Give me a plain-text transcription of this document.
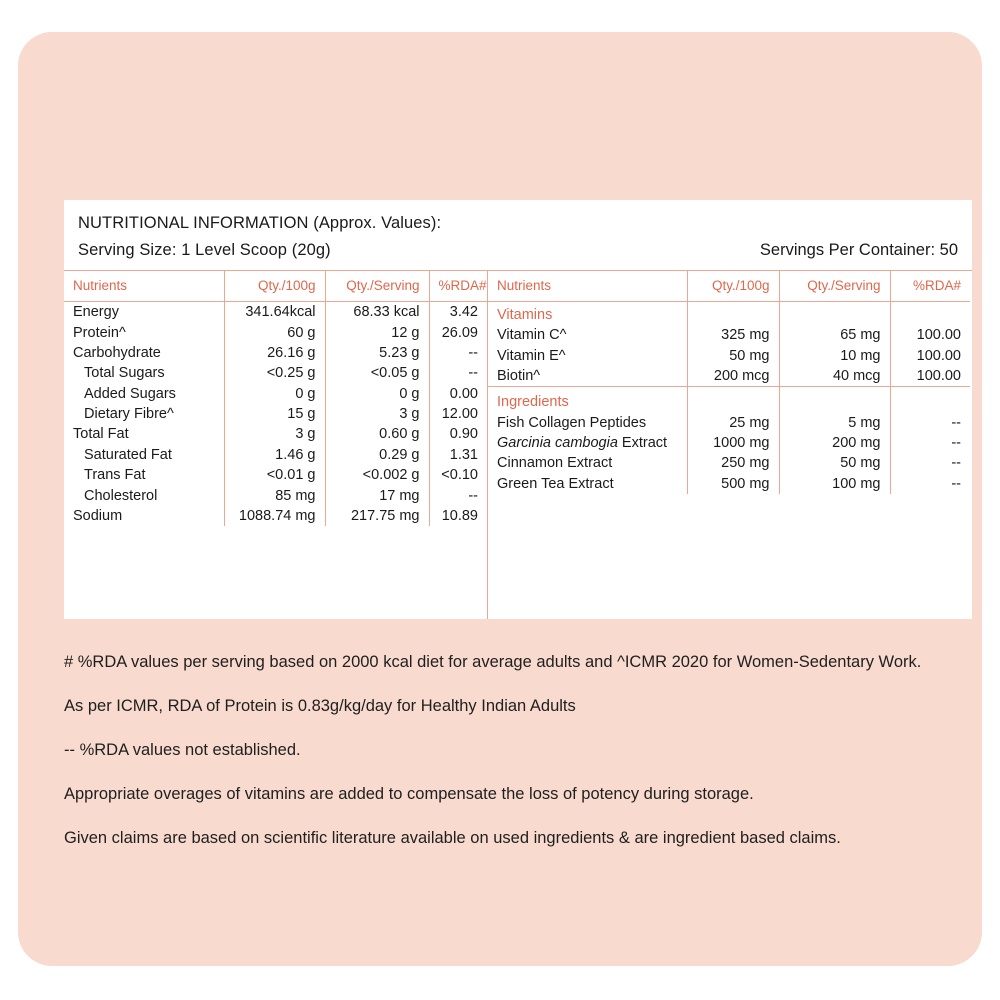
NUTRITIONAL INFORMATION (Approx. Values):
Serving Size: 1 Level Scoop (20g)	Servings Per Container: 50
Nutrients	Qty./100g	Qty./Serving	%RDA#
Energy	341.64kcal	68.33 kcal	3.42
Protein^	60 g	12 g	26.09
Carbohydrate	26.16 g	5.23 g	--
Total Sugars	<0.25 g	<0.05 g	--
Added Sugars	0 g	0 g	0.00
Dietary Fibre^	15 g	3 g	12.00
Total Fat	3 g	0.60 g	0.90
Saturated Fat	1.46 g	0.29 g	1.31
Trans Fat	<0.01 g	<0.002 g	<0.10
Cholesterol	85 mg	17 mg	--
Sodium	1088.74 mg	217.75 mg	10.89
Nutrients	Qty./100g	Qty./Serving	%RDA#
Vitamins			
Vitamin C^	325 mg	65 mg	100.00
Vitamin E^	50 mg	10 mg	100.00
Biotin^	200 mcg	40 mcg	100.00
Ingredients			
Fish Collagen Peptides	25 mg	5 mg	--
Garcinia cambogia Extract	1000 mg	200 mg	--
Cinnamon Extract	250 mg	50 mg	--
Green Tea Extract	500 mg	100 mg	--

# %RDA values per serving based on 2000 kcal diet for average adults and ^ICMR 2020 for Women-Sedentary Work.

As per ICMR, RDA of Protein is 0.83g/kg/day for Healthy Indian Adults

-- %RDA values not established.

Appropriate overages of vitamins are added to compensate the loss of potency during storage.

Given claims are based on scientific literature available on used ingredients & are ingredient based claims.
